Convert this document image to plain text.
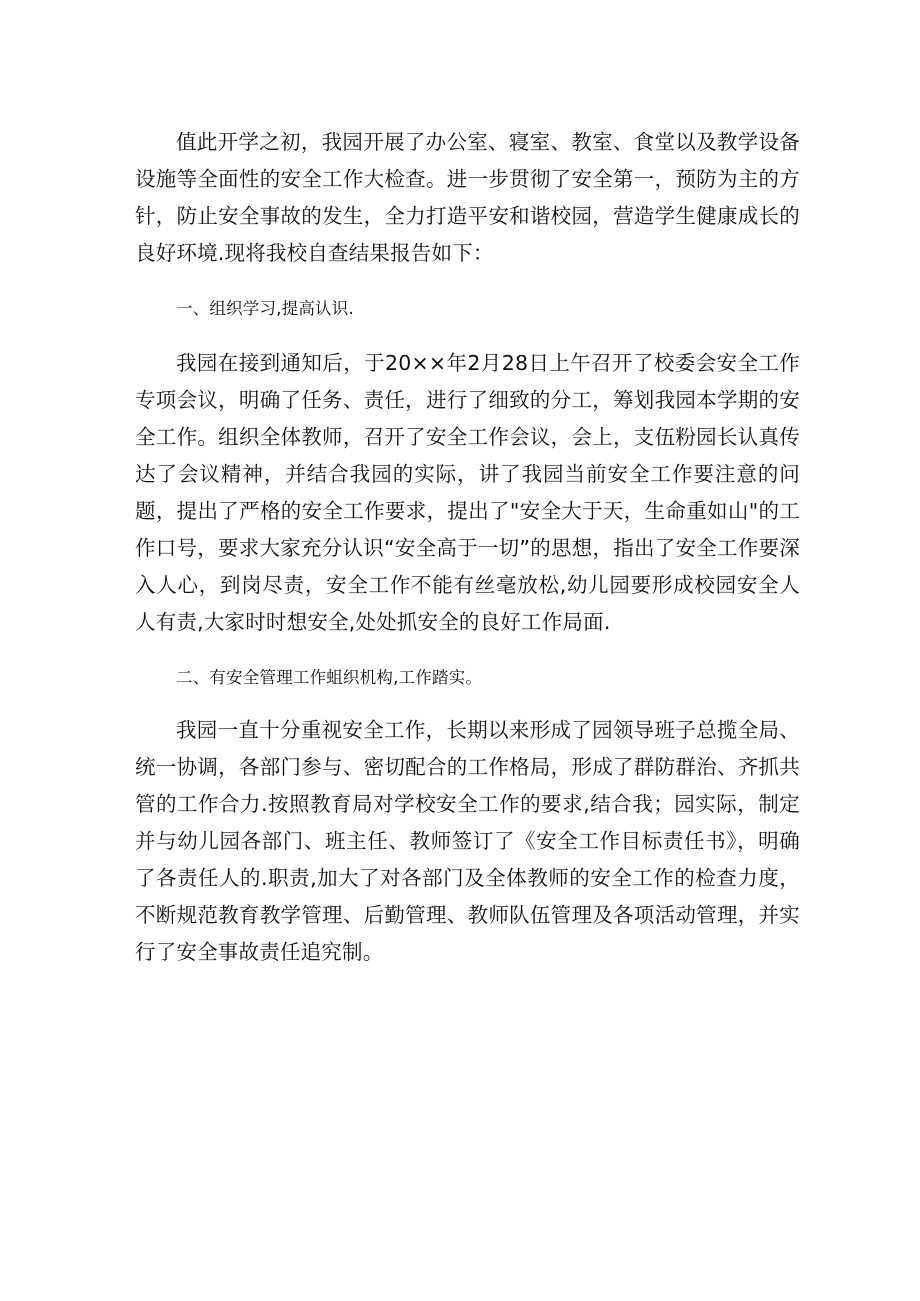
值此开学之初，我园开展了办公室、寝室、教室、食堂以及教学设备设施等全面性的安全工作大检查。进一步贯彻了安全第一，预防为主的方针，防止安全事故的发生，全力打造平安和谐校园，营造学生健康成长的良好环境.现将我校自查结果报告如下：

一、组织学习,提高认识.

我园在接到通知后，于20××年2月28日上午召开了校委会安全工作专项会议，明确了任务、责任，进行了细致的分工，筹划我园本学期的安全工作。组织全体教师，召开了安全工作会议，会上，支伍粉园长认真传达了会议精神，并结合我园的实际，讲了我园当前安全工作要注意的问题，提出了严格的安全工作要求，提出了"安全大于天，生命重如山"的工作口号，要求大家充分认识“安全高于一切”的思想，指出了安全工作要深入人心，到岗尽责，安全工作不能有丝毫放松,幼儿园要形成校园安全人人有责,大家时时想安全,处处抓安全的良好工作局面.

二、有安全管理工作蛆织机构,工作踏实。

我园一直十分重视安全工作，长期以来形成了园领导班子总揽全局、统一协调，各部门参与、密切配合的工作格局，形成了群防群治、齐抓共管的工作合力.按照教育局对学校安全工作的要求,结合我；园实际，制定并与幼儿园各部门、班主任、教师签订了《安全工作目标责任书》，明确了各责任人的.职责,加大了对各部门及全体教师的安全工作的检查力度，不断规范教育教学管理、后勤管理、教师队伍管理及各项活动管理，并实行了安全事故责任追究制。
